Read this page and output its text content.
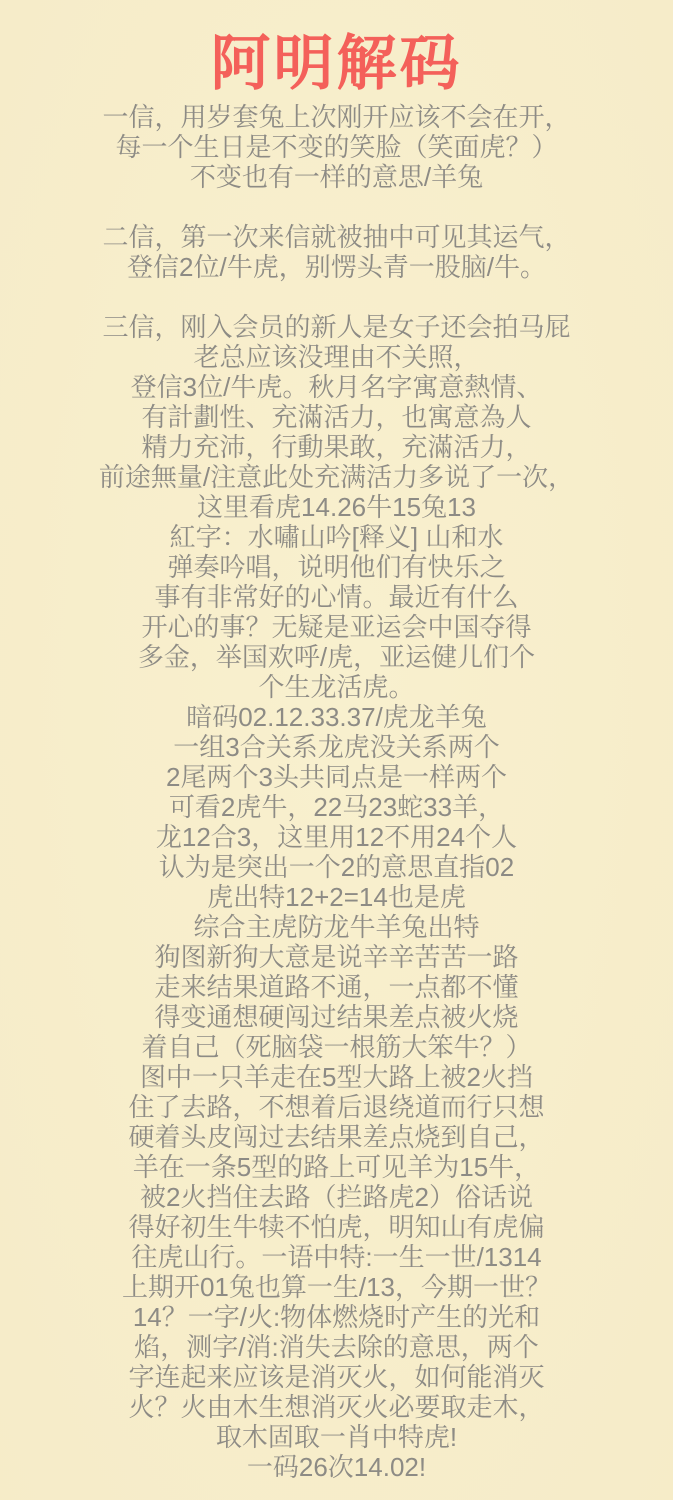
阿明解码
一信，用岁套兔上次刚开应该不会在开，
每一个生日是不变的笑脸（笑面虎？）
不变也有一样的意思/羊兔
二信，第一次来信就被抽中可见其运气，
登信2位/牛虎，别愣头青一股脑/牛。
三信，刚入会员的新人是女子还会拍马屁
老总应该没理由不关照，
登信3位/牛虎。秋月名字寓意熱情、
有計劃性、充滿活力，也寓意為人
精力充沛，行動果敢，充滿活力，
前途無量/注意此处充满活力多说了一次，
这里看虎14.26牛15兔13
紅字：水嘯山吟[释义] 山和水
弹奏吟唱，说明他们有快乐之
事有非常好的心情。最近有什么
开心的事？无疑是亚运会中国夺得
多金，举国欢呼/虎，亚运健儿们个
个生龙活虎。
暗码02.12.33.37/虎龙羊兔
一组3合关系龙虎没关系两个
2尾两个3头共同点是一样两个
可看2虎牛，22马23蛇33羊，
龙12合3，这里用12不用24个人
认为是突出一个2的意思直指02
虎出特12+2=14也是虎
综合主虎防龙牛羊兔出特
狗图新狗大意是说辛辛苦苦一路
走来结果道路不通，一点都不懂
得变通想硬闯过结果差点被火烧
着自己（死脑袋一根筋大笨牛？）
图中一只羊走在5型大路上被2火挡
住了去路，不想着后退绕道而行只想
硬着头皮闯过去结果差点烧到自己，
羊在一条5型的路上可见羊为15牛，
被2火挡住去路（拦路虎2）俗话说
得好初生牛犊不怕虎，明知山有虎偏
往虎山行。一语中特:一生一世/1314
上期开01兔也算一生/13，今期一世？
14？一字/火:物体燃烧时产生的光和
焰，测字/消:消失去除的意思，两个
字连起来应该是消灭火，如何能消灭
火？火由木生想消灭火必要取走木，
取木固取一肖中特虎!
一码26次14.02!
